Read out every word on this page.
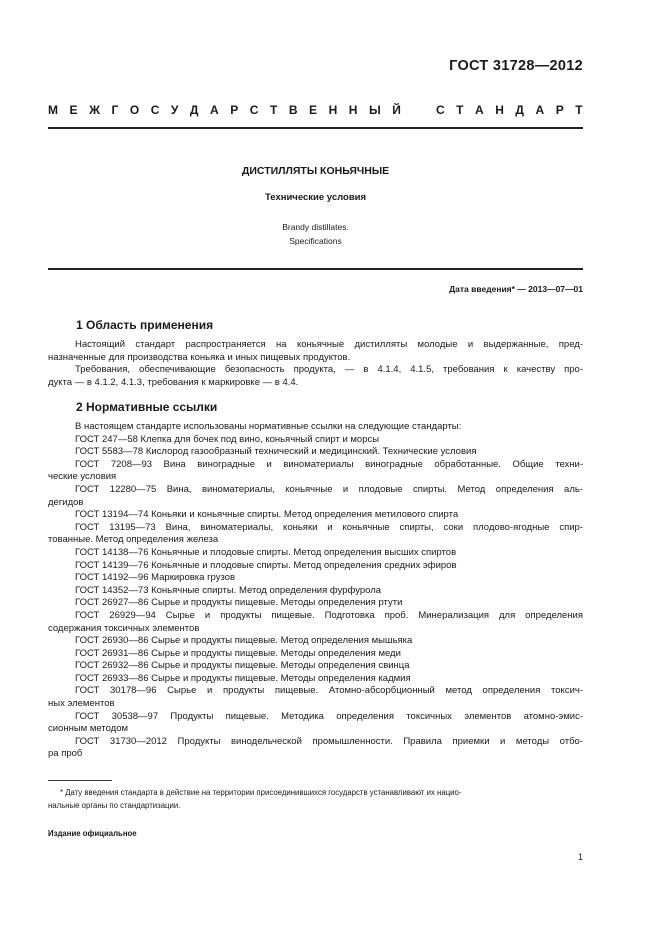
ГОСТ 31728—2012
М Е Ж Г О С У Д А Р С Т В Е Н Н Ы Й	С Т А Н Д А Р Т
ДИСТИЛЛЯТЫ КОНЬЯЧНЫЕ
Технические условия
Brandy distillates.
Specifications
Дата введения* — 2013—07—01
1 Область применения
Настоящий стандарт распространяется на коньячные дистилляты молодые и выдержанные, пред-
назначенные для производства коньяка и иных пищевых продуктов.
Требования, обеспечивающие безопасность продукта, — в 4.1.4, 4.1.5, требования к качеству про-
дукта — в 4.1.2, 4.1.3, требования к маркировке — в 4.4.
2 Нормативные ссылки
В настоящем стандарте использованы нормативные ссылки на следующие стандарты:
ГОСТ 247—58 Клепка для бочек под вино, коньячный спирт и морсы
ГОСТ 5583—78 Кислород газообразный технический и медицинский. Технические условия
ГОСТ 7208—93 Вина виноградные и виноматериалы виноградные обработанные. Общие техни-
ческие условия
ГОСТ 12280—75 Вина, виноматериалы, коньячные и плодовые спирты. Метод определения аль-
дегидов
ГОСТ 13194—74 Коньяки и коньячные спирты. Метод определения метилового спирта
ГОСТ 13195—73 Вина, виноматериалы, коньяки и коньячные спирты, соки плодово-ягодные спир-
тованные. Метод определения железа
ГОСТ 14138—76 Коньячные и плодовые спирты. Метод определения высших спиртов
ГОСТ 14139—76 Коньячные и плодовые спирты. Метод определения средних эфиров
ГОСТ 14192—96 Маркировка грузов
ГОСТ 14352—73 Коньячные спирты. Метод определения фурфурола
ГОСТ 26927—86 Сырье и продукты пищевые. Методы определения ртути
ГОСТ 26929—94 Сырье и продукты пищевые. Подготовка проб. Минерализация для определения
содержания токсичных элементов
ГОСТ 26930—86 Сырье и продукты пищевые. Метод определения мышьяка
ГОСТ 26931—86 Сырье и продукты пищевые. Методы определения меди
ГОСТ 26932—86 Сырье и продукты пищевые. Методы определения свинца
ГОСТ 26933—86 Сырье и продукты пищевые. Методы определения кадмия
ГОСТ 30178—96 Сырье и продукты пищевые. Атомно-абсорбционный метод определения токсич-
ных элементов
ГОСТ 30538—97 Продукты пищевые. Методика определения токсичных элементов атомно-эмис-
сионным методом
ГОСТ 31730—2012 Продукты винодельческой промышленности. Правила приемки и методы отбо-
ра проб
* Дату введения стандарта в действие на территории присоединившихся государств устанавливают их нацио-
нальные органы по стандартизации.
Издание официальное
1
